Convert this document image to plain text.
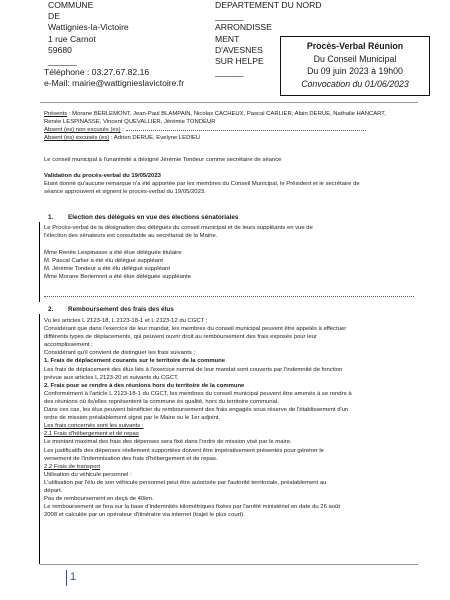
COMMUNE
DE
Wattignies-la-Victoire
1 rue Carnot
59680
______
Téléphone : 03.27.67.82.16
e-Mail: mairie@wattigniesl​avictoire.fr
DEPARTEMENT DU NORD
______
ARRONDISSE
MENT
D'AVESNES
SUR HELPE
______
Procès-Verbal Réunion
Du Conseil Municipal
Du 09 juin 2023 à 19h00
Convocation du 01/06/2023
Présents : Morane BERLEMONT, Jean-Paul BLAMPAIN, Nicolas CACHEUX, Pascal CARLIER, Alain DERUE, Nathalie HANCART,
Renée LESPINASSE, Vincent QUEVALLIER, Jérémie TONDEUR
Absent (es) non excusés (es) :
Absent (es) excusés (es) : Adrien DERUE, Evelyne LEDIEU
Le conseil municipal à l'unanimité a désigné Jérémie Tondeur comme secrétaire de séance
Validation du procès-verbal du 19/05/2023
Etant donné qu'aucune remarque n'a été apportée par les membres du Conseil Municipal, le Président et le secrétaire de
séance approuvent et signent le procès-verbal du 19/05/2023.
1. Election des délégués en vue des élections sénatoriales
Le Procès-verbal de la désignation des délégués du conseil municipal et de leurs suppléants en vue de
l'élection des sénateurs est consultable au secrétariat de la Mairie.
Mme Renée Lespinasse a été élue déléguée titulaire
M. Pascal Carlier a été élu délégué suppléant
M. Jérémie Tondeur a été élu délégué suppléant
Mme Morane Berlemont a été élue déléguée suppléante
2. Remboursement des frais des élus
Vu les articles L 2123-18, L 2123-18-1 et L 2123-12 du CGCT ;
Considérant que dans l'exercice de leur mandat, les membres du conseil municipal peuvent être appelés à effectuer
différents types de déplacements, qui peuvent ouvrir droit au remboursement des frais exposés pour leur
accomplissement ;
Considérant qu'il convient de distinguer les frais suivants ;
1. Frais de déplacement courants sur le territoire de la commune
Les frais de déplacement des élus liés à l'exercice normal de leur mandat sont couverts par l'indemnité de fonction
prévue aux articles L 2123-20 et suivants du CGCT.
2. Frais pour se rendre à des réunions hors du territoire de la commune
Conformément à l'article L 2123-18-1 du CGCT, les membres du conseil municipal peuvent être amenés à se rendre à
des réunions où ils/elles représentent la commune ès qualité, hors du territoire communal.
Dans ces cas, les élus peuvent bénéficier du remboursement des frais engagés sous réserve de l'établissement d'un
ordre de mission préalablement signé par le Maire ou le 1er adjoint.
Les frais concernés sont les suivants :
2.1 Frais d'hébergement et de repas
Le montant maximal des frais des dépenses sera fixé dans l'ordre de mission visé par le maire.
Les justificatifs des dépenses réellement supportées doivent être impérativement présentés pour générer le
versement de l'indemnisation des frais d'hébergement et de repas.
2.2 Frais de transport
Utilisation du véhicule personnel :
L'utilisation par l'élu de son véhicule personnel peut être autorisée par l'autorité territoriale, préalablement au
départ.
Pas de remboursement en deçà de 40km.
Le remboursement se fera sur la base d'indemnités kilométriques fixées par l'arrêté ministériel en date du 26 août
2008 et calculée par un opérateur d'itinéraire via internet (trajet le plus court).
1
